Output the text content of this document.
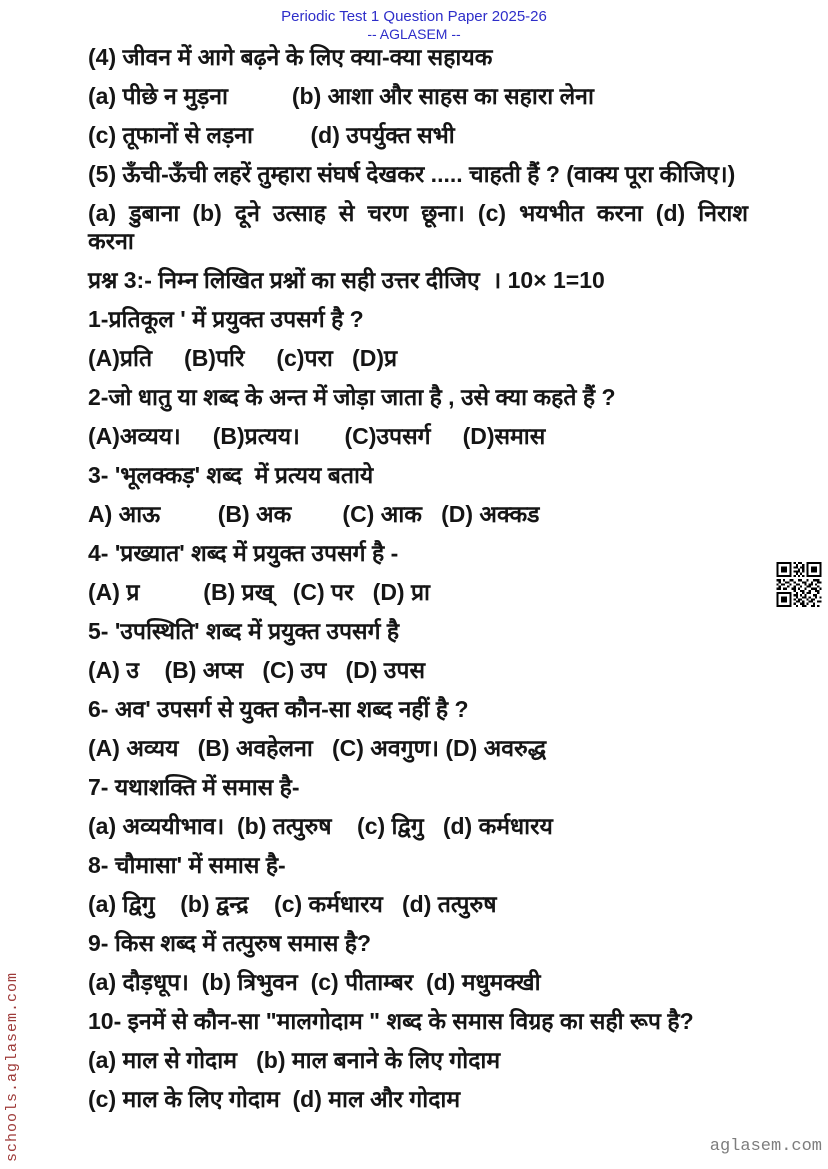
Periodic Test 1 Question Paper 2025-26
-- AGLASEM --
(4) जीवन में आगे बढ़ने के लिए क्या-क्या सहायक
(a) पीछे न मुड़ना          (b) आशा और साहस का सहारा लेना
(c) तूफानों से लड़ना         (d) उपर्युक्त सभी
(5) ऊँची-ऊँची लहरें तुम्हारा संघर्ष देखकर ..... चाहती हैं ? (वाक्य पूरा कीजिए।)
(a) डुबाना (b) दूने उत्साह से चरण छूना। (c) भयभीत करना (d) निराश
करना
प्रश्न 3:- निम्न लिखित प्रश्नों का सही उत्तर दीजिए  । 10× 1=10
1-प्रतिकूल ' में प्रयुक्त उपसर्ग है ?
(A)प्रति     (B)परि     (c)परा   (D)प्र
2-जो धातु या शब्द के अन्त में जोड़ा जाता है , उसे क्या कहते हैं ?
(A)अव्यय।     (B)प्रत्यय।       (C)उपसर्ग     (D)समास
3- 'भूलक्कड़' शब्द  में प्रत्यय बताये
A) आऊ         (B) अक        (C) आक   (D) अक्कड
4- 'प्रख्यात' शब्द में प्रयुक्त उपसर्ग है -
(A) प्र          (B) प्रख्   (C) पर   (D) प्रा
5- 'उपस्थिति' शब्द में प्रयुक्त उपसर्ग है
(A) उ    (B) अप्स   (C) उप   (D) उपस
6- अव' उपसर्ग से युक्त कौन-सा शब्द नहीं है ?
(A) अव्यय   (B) अवहेलना   (C) अवगुण। (D) अवरुद्ध
7- यथाशक्ति में समास है-
(a) अव्ययीभाव।  (b) तत्पुरुष    (c) द्विगु   (d) कर्मधारय
8- चौमासा' में समास है-
(a) द्विगु    (b) द्वन्द्र    (c) कर्मधारय   (d) तत्पुरुष
9- किस शब्द में तत्पुरुष समास है?
(a) दौड़धूप।  (b) त्रिभुवन  (c) पीताम्बर  (d) मधुमक्खी
10- इनमें से कौन-सा "मालगोदाम " शब्द के समास विग्रह का सही रूप है?
(a) माल से गोदाम   (b) माल बनाने के लिए गोदाम
(c) माल के लिए गोदाम  (d) माल और गोदाम
schools.aglasem.com	aglasem.com
